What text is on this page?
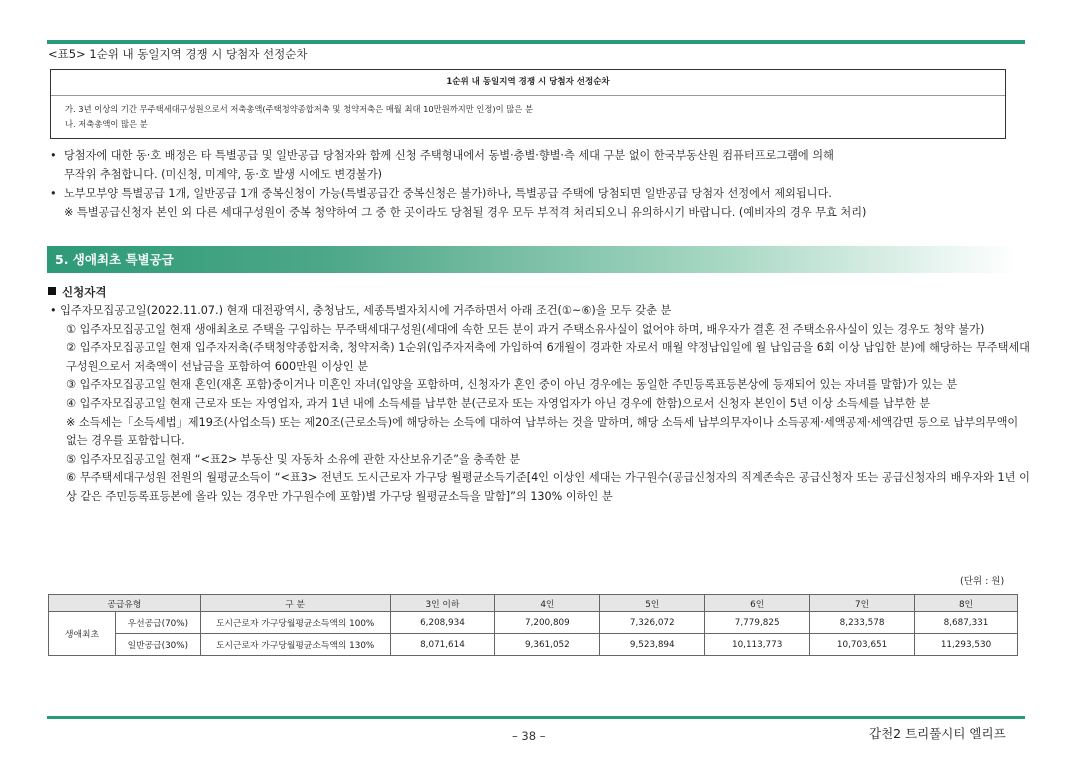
<표5> 1순위 내 동일지역 경쟁 시 당첨자 선정순차
1순위 내 동일지역 경쟁 시 당첨자 선정순차
가. 3년 이상의 기간 무주택세대구성원으로서 저축총액(주택청약종합저축 및 청약저축은 매월 최대 10만원까지만 인정)이 많은 분
나. 저축총액이 많은 분

• 당첨자에 대한 동·호 배정은 타 특별공급 및 일반공급 당첨자와 함께 신청 주택형내에서 동별·층별·향별·측 세대 구분 없이 한국부동산원 컴퓨터프로그램에 의해

무작위 추첨합니다. (미신청, 미계약, 동·호 발생 시에도 변경불가)

• 노부모부양 특별공급 1개, 일반공급 1개 중복신청이 가능(특별공급간 중복신청은 불가)하나, 특별공급 주택에 당첨되면 일반공급 당첨자 선정에서 제외됩니다.

※ 특별공급신청자 본인 외 다른 세대구성원이 중복 청약하여 그 중 한 곳이라도 당첨될 경우 모두 부적격 처리되오니 유의하시기 바랍니다. (예비자의 경우 무효 처리)

5. 생애최초 특별공급
신청자격

• 입주자모집공고일(2022.11.07.) 현재 대전광역시, 충청남도, 세종특별자치시에 거주하면서 아래 조건(①~⑥)을 모두 갖춘 분

① 입주자모집공고일 현재 생애최초로 주택을 구입하는 무주택세대구성원(세대에 속한 모든 분이 과거 주택소유사실이 없어야 하며, 배우자가 결혼 전 주택소유사실이 있는 경우도 청약 불가)

② 입주자모집공고일 현재 입주자저축(주택청약종합저축, 청약저축) 1순위(입주자저축에 가입하여 6개월이 경과한 자로서 매월 약정납입일에 월 납입금을 6회 이상 납입한 분)에 해당하는 무주택세대구성원으로서 저축액이 선납금을 포함하여 600만원 이상인 분

③ 입주자모집공고일 현재 혼인(재혼 포함)중이거나 미혼인 자녀(입양을 포함하며, 신청자가 혼인 중이 아닌 경우에는 동일한 주민등록표등본상에 등재되어 있는 자녀를 말함)가 있는 분

④ 입주자모집공고일 현재 근로자 또는 자영업자, 과거 1년 내에 소득세를 납부한 분(근로자 또는 자영업자가 아닌 경우에 한함)으로서 신청자 본인이 5년 이상 소득세를 납부한 분

※ 소득세는「소득세법」제19조(사업소득) 또는 제20조(근로소득)에 해당하는 소득에 대하여 납부하는 것을 말하며, 해당 소득세 납부의무자이나 소득공제·세액공제·세액감면 등으로 납부의무액이 없는 경우를 포함합니다.

⑤ 입주자모집공고일 현재 “<표2> 부동산 및 자동차 소유에 관한 자산보유기준”을 충족한 분

⑥ 무주택세대구성원 전원의 월평균소득이 “<표3> 전년도 도시근로자 가구당 월평균소득기준[4인 이상인 세대는 가구원수(공급신청자의 직계존속은 공급신청자 또는 공급신청자의 배우자와 1년 이상 같은 주민등록표등본에 올라 있는 경우만 가구원수에 포함)별 가구당 월평균소득을 말함]”의 130% 이하인 분

(단위 : 원)
공급유형		구 분	3인 이하	4인	5인	6인	7인	8인
생애최초	우선공급(70%)	도시근로자 가구당월평균소득액의 100%	6,208,934	7,200,809	7,326,072	7,779,825	8,233,578	8,687,331
	일반공급(30%)	도시근로자 가구당월평균소득액의 130%	8,071,614	9,361,052	9,523,894	10,113,773	10,703,651	11,293,530
– 38 –	갑천2 트리풀시티 엘리프
